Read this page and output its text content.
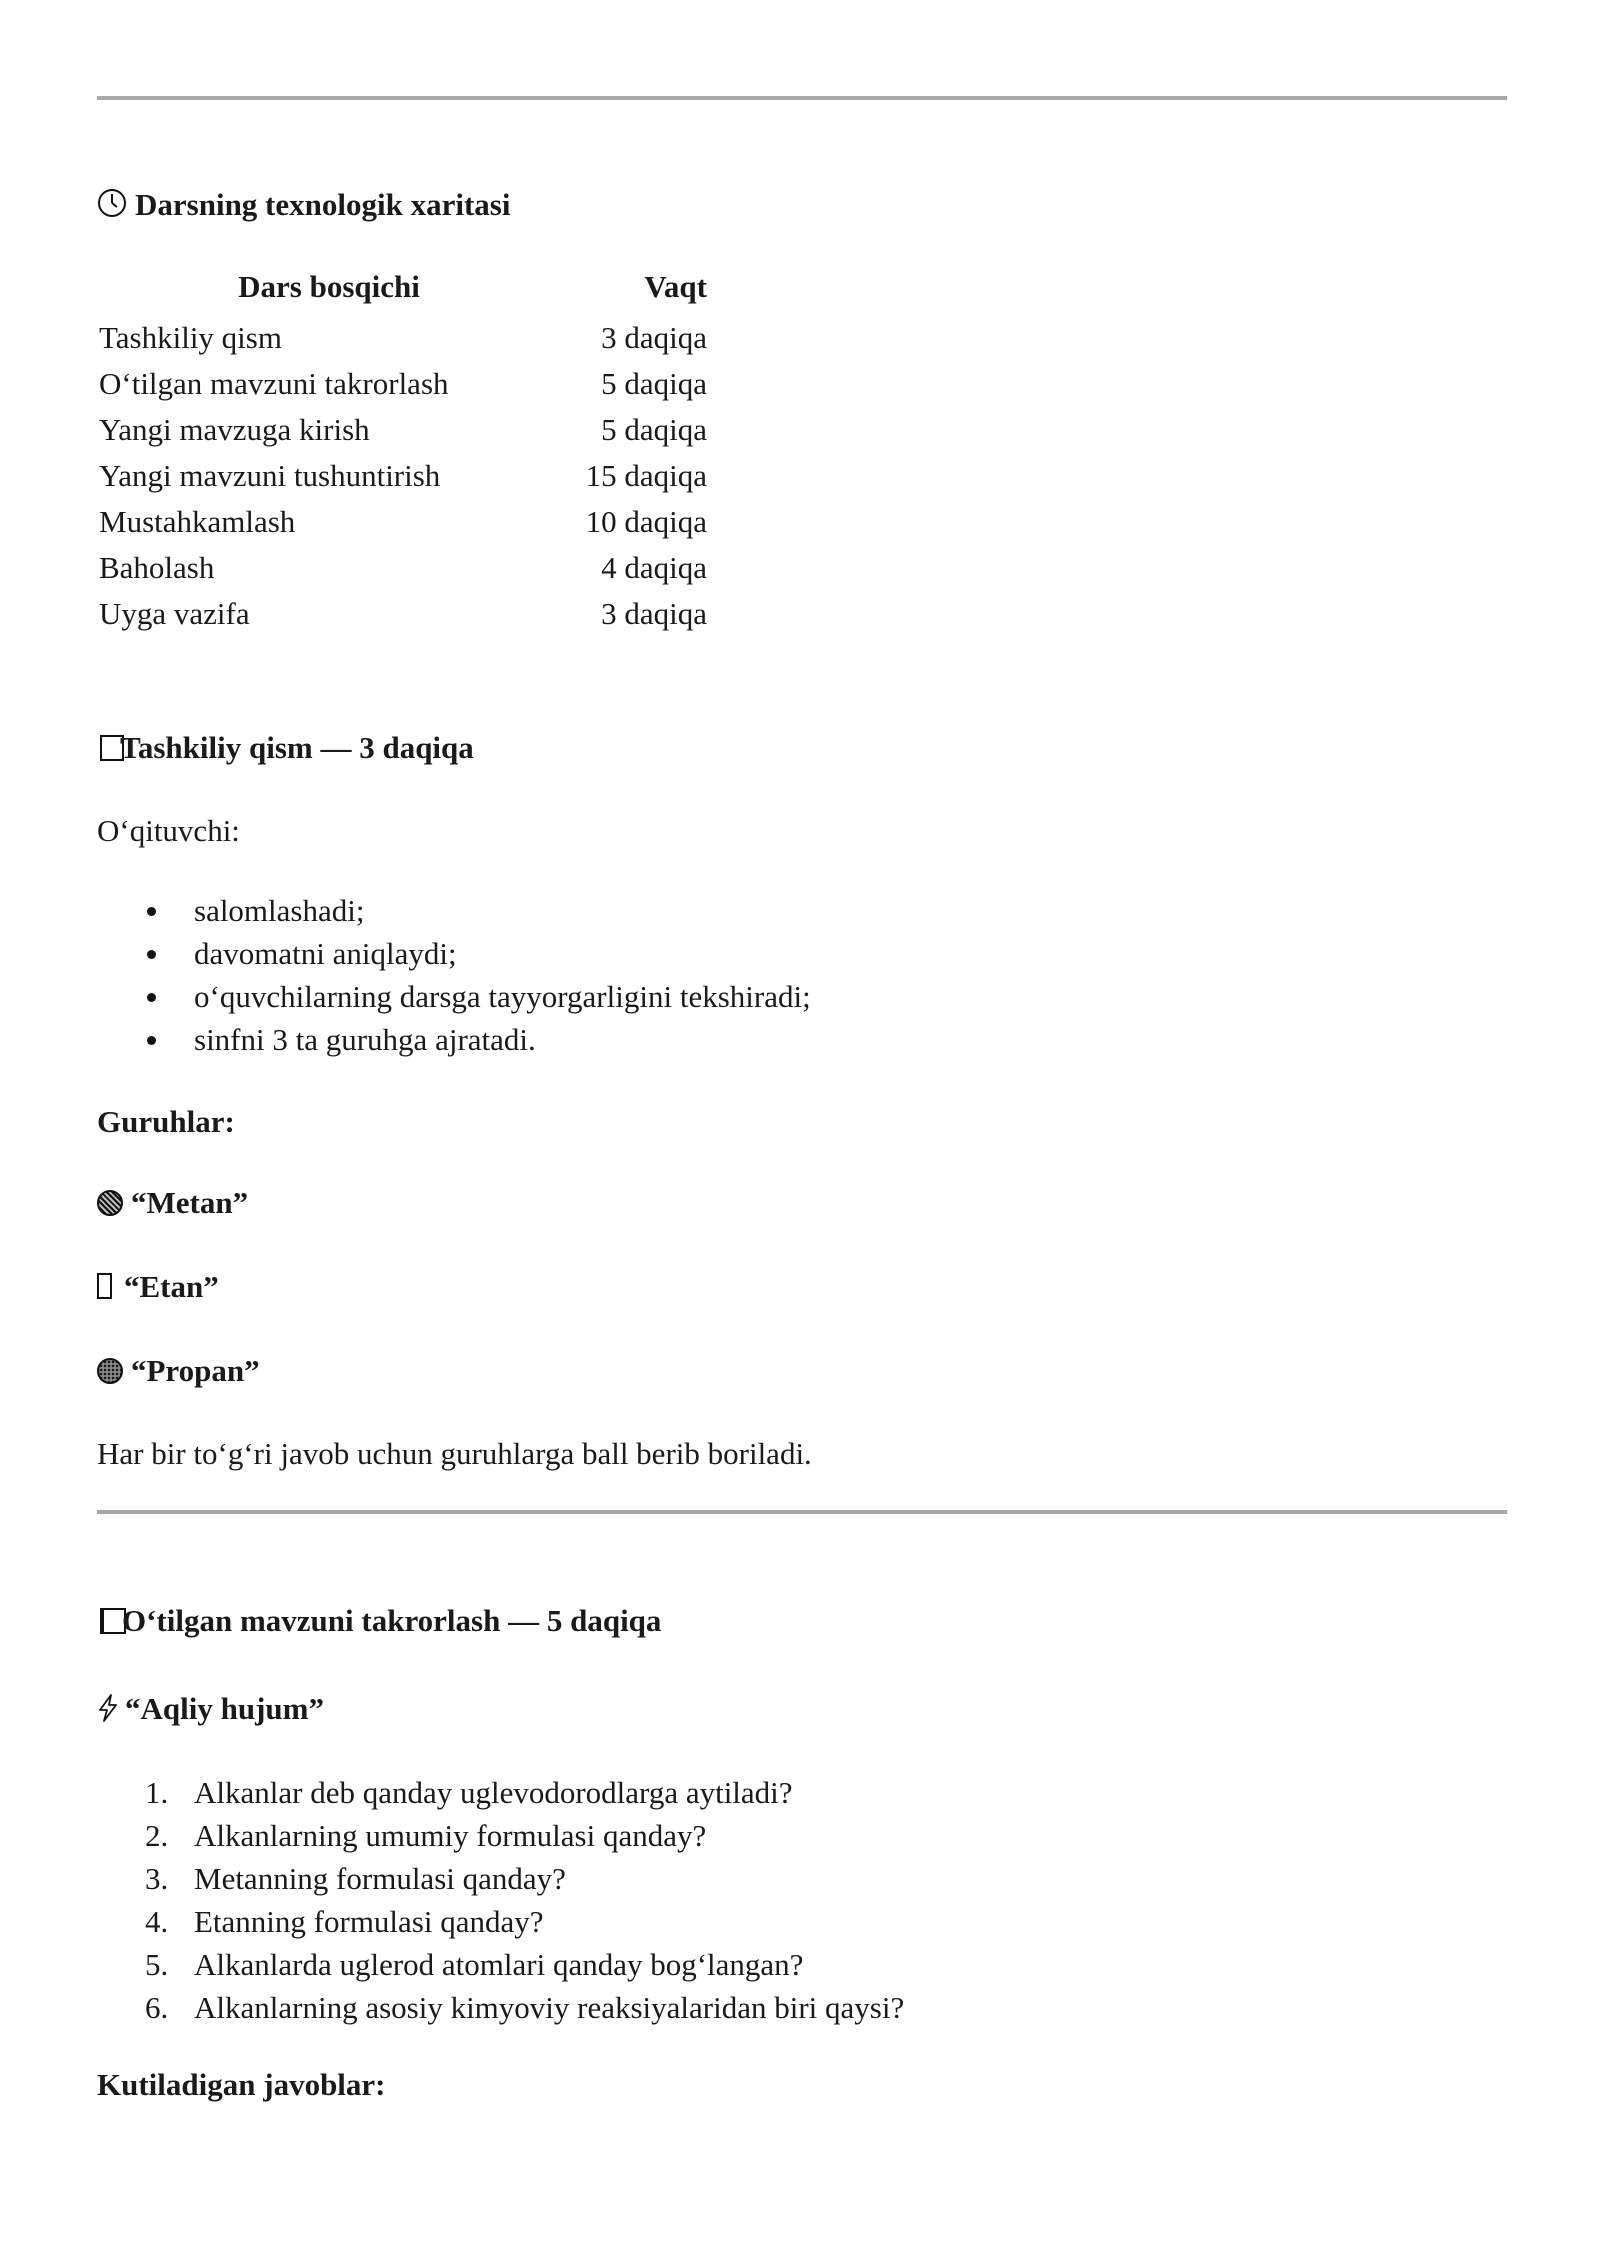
Darsning texnologik xaritasi
Dars bosqichi	Vaqt
Tashkiliy qism	3 daqiqa
O‘tilgan mavzuni takrorlash	5 daqiqa
Yangi mavzuga kirish	5 daqiqa
Yangi mavzuni tushuntirish	15 daqiqa
Mustahkamlash	10 daqiqa
Baholash	4 daqiqa
Uyga vazifa	3 daqiqa
Tashkiliy qism — 3 daqiqa
O‘qituvchi:
salomlashadi;
davomatni aniqlaydi;
o‘quvchilarning darsga tayyorgarligini tekshiradi;
sinfni 3 ta guruhga ajratadi.
Guruhlar:
“Metan”
“Etan”
“Propan”
Har bir to‘g‘ri javob uchun guruhlarga ball berib boriladi.
O‘tilgan mavzuni takrorlash — 5 daqiqa
“Aqliy hujum”
1. Alkanlar deb qanday uglevodorodlarga aytiladi?
2. Alkanlarning umumiy formulasi qanday?
3. Metanning formulasi qanday?
4. Etanning formulasi qanday?
5. Alkanlarda uglerod atomlari qanday bog‘langan?
6. Alkanlarning asosiy kimyoviy reaksiyalaridan biri qaysi?
Kutiladigan javoblar:
